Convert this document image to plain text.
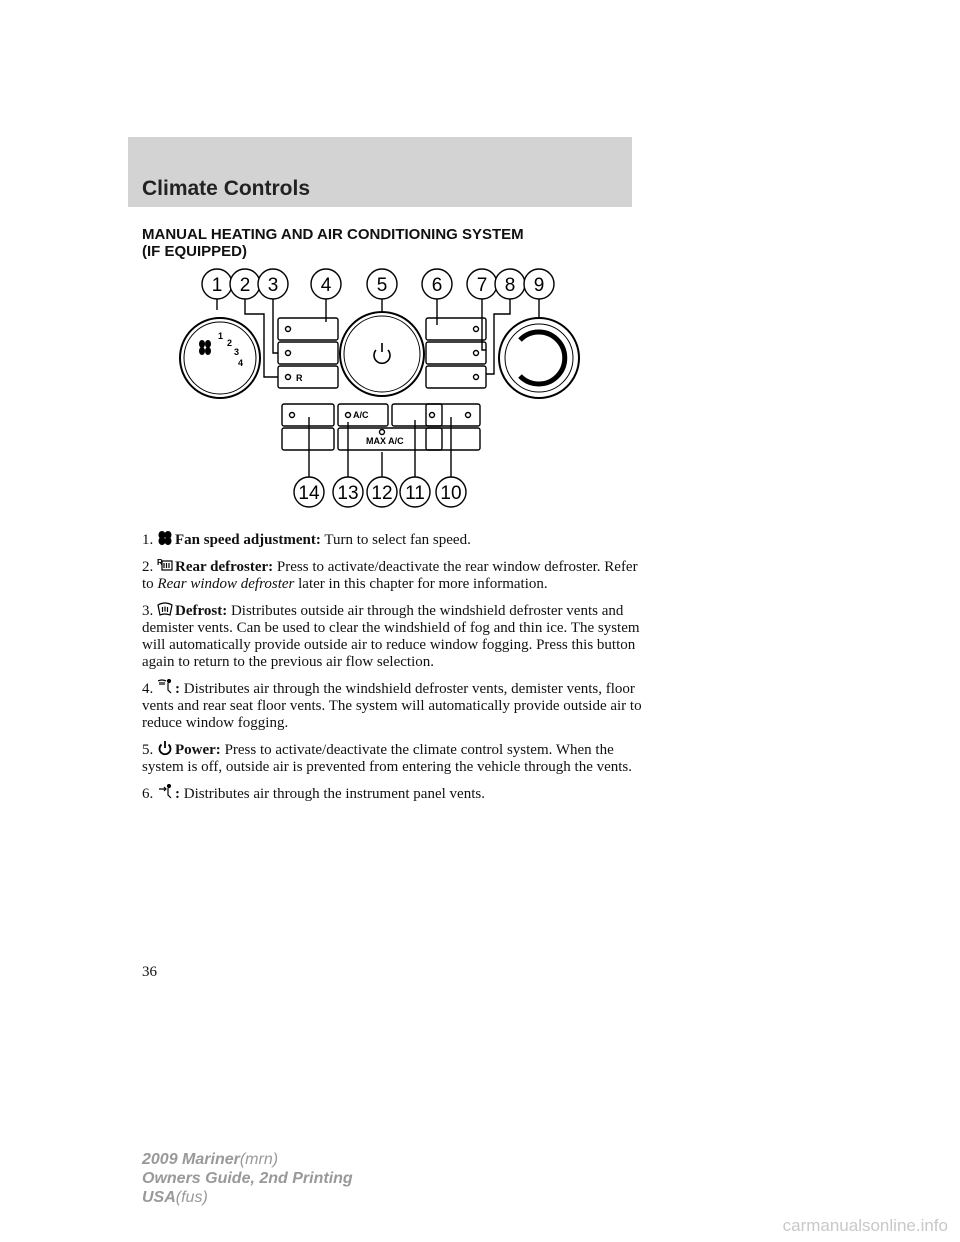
Climate Controls
MANUAL HEATING AND AIR CONDITIONING SYSTEM
(IF EQUIPPED)
1 2 3 4 5 6 7 8 9
14 13 12 11 10
1
2
3
4
A/C
MAX A/C
R

1. Fan speed adjustment: Turn to select fan speed.

2. R Rear defroster: Press to activate/deactivate the rear window defroster. Refer to Rear window defroster later in this chapter for more information.

3. Defrost: Distributes outside air through the windshield defroster vents and demister vents. Can be used to clear the windshield of fog and thin ice. The system will automatically provide outside air to reduce window fogging. Press this button again to return to the previous air flow selection.

4. : Distributes air through the windshield defroster vents, demister vents, floor vents and rear seat floor vents. The system will automatically provide outside air to reduce window fogging.

5. Power: Press to activate/deactivate the climate control system. When the system is off, outside air is prevented from entering the vehicle through the vents.

6. : Distributes air through the instrument panel vents.

36
2009 Mariner(mrn)
Owners Guide, 2nd Printing
USA(fus)
carmanualsonline.info
